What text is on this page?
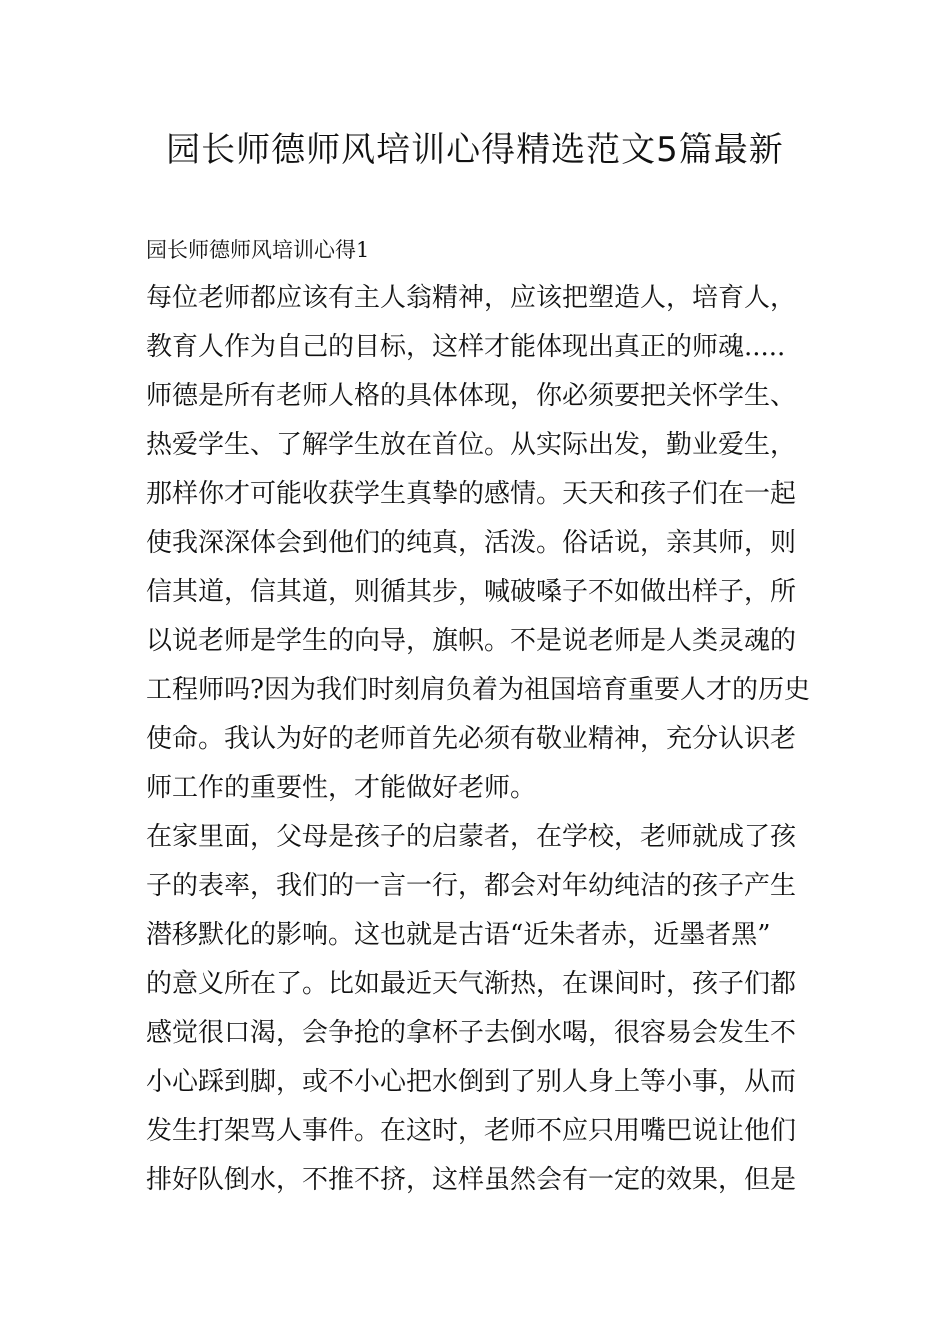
园长师德师风培训心得精选范文5篇最新
园长师德师风培训心得1
每位老师都应该有主人翁精神，应该把塑造人，培育人，
教育人作为自己的目标，这样才能体现出真正的师魂.....
师德是所有老师人格的具体体现，你必须要把关怀学生、
热爱学生、了解学生放在首位。从实际出发，勤业爱生，
那样你才可能收获学生真挚的感情。天天和孩子们在一起
使我深深体会到他们的纯真，活泼。俗话说，亲其师，则
信其道，信其道，则循其步，喊破嗓子不如做出样子，所
以说老师是学生的向导，旗帜。不是说老师是人类灵魂的
工程师吗?因为我们时刻肩负着为祖国培育重要人才的历史
使命。我认为好的老师首先必须有敬业精神，充分认识老
师工作的重要性，才能做好老师。
在家里面，父母是孩子的启蒙者，在学校，老师就成了孩
子的表率，我们的一言一行，都会对年幼纯洁的孩子产生
潜移默化的影响。这也就是古语“近朱者赤，近墨者黑”
的意义所在了。比如最近天气渐热，在课间时，孩子们都
感觉很口渴，会争抢的拿杯子去倒水喝，很容易会发生不
小心踩到脚，或不小心把水倒到了别人身上等小事，从而
发生打架骂人事件。在这时，老师不应只用嘴巴说让他们
排好队倒水，不推不挤，这样虽然会有一定的效果，但是
